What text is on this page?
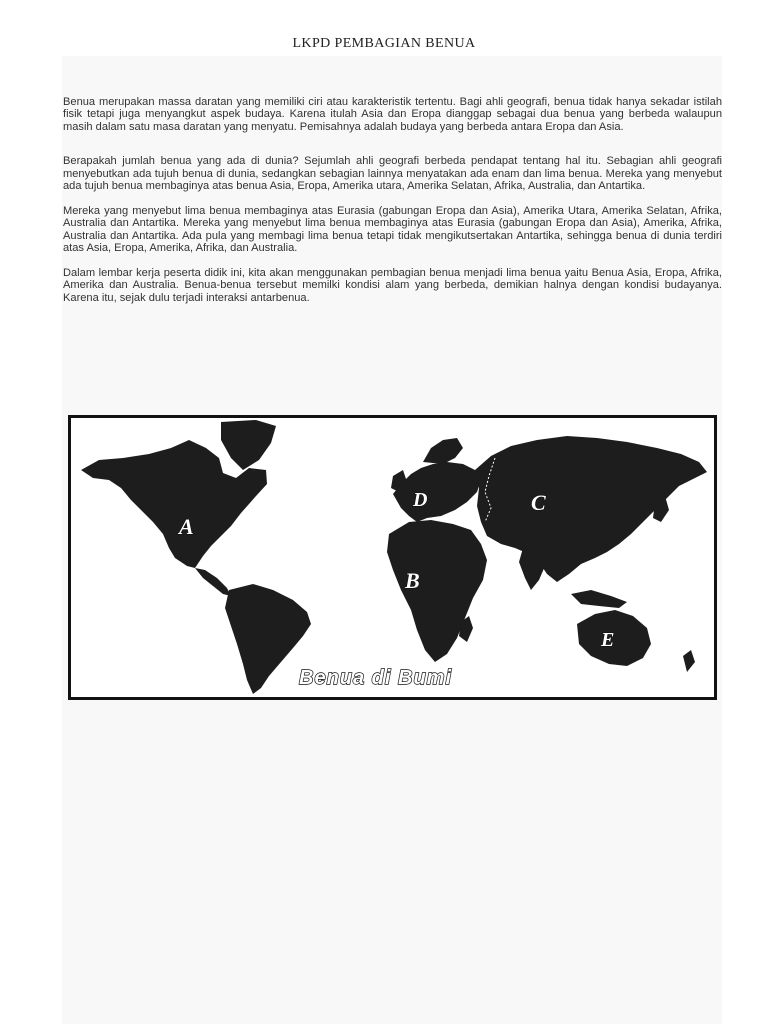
LKPD PEMBAGIAN BENUA

Benua merupakan massa daratan yang memiliki ciri atau karakteristik tertentu. Bagi ahli geografi, benua tidak hanya sekadar istilah fisik tetapi juga menyangkut aspek budaya. Karena itulah Asia dan Eropa dianggap sebagai dua benua yang berbeda walaupun masih dalam satu masa daratan yang menyatu. Pemisahnya adalah budaya yang berbeda antara Eropa dan Asia.

Berapakah jumlah benua yang ada di dunia? Sejumlah ahli geografi berbeda pendapat tentang hal itu. Sebagian ahli geografi menyebutkan ada tujuh benua di dunia, sedangkan sebagian lainnya menyatakan ada enam dan lima benua. Mereka yang menyebut ada tujuh benua membaginya atas benua Asia, Eropa, Amerika utara, Amerika Selatan, Afrika, Australia, dan Antartika.

Mereka yang menyebut lima benua membaginya atas Eurasia (gabungan Eropa dan Asia), Amerika Utara, Amerika Selatan, Afrika, Australia dan Antartika. Mereka yang menyebut lima benua membaginya atas Eurasia (gabungan Eropa dan Asia), Amerika, Afrika, Australia dan Antartika. Ada pula yang membagi lima benua tetapi tidak mengikutsertakan Antartika, sehingga benua di dunia terdiri atas Asia, Eropa, Amerika, Afrika, dan Australia.

Dalam lembar kerja peserta didik ini, kita akan menggunakan pembagian benua menjadi lima benua yaitu Benua Asia, Eropa, Afrika, Amerika dan Australia. Benua-benua tersebut memilki kondisi alam yang berbeda, demikian halnya dengan kondisi budayanya. Karena itu, sejak dulu terjadi interaksi antarbenua.

A
B
C
D
E
Benua di Bumi
